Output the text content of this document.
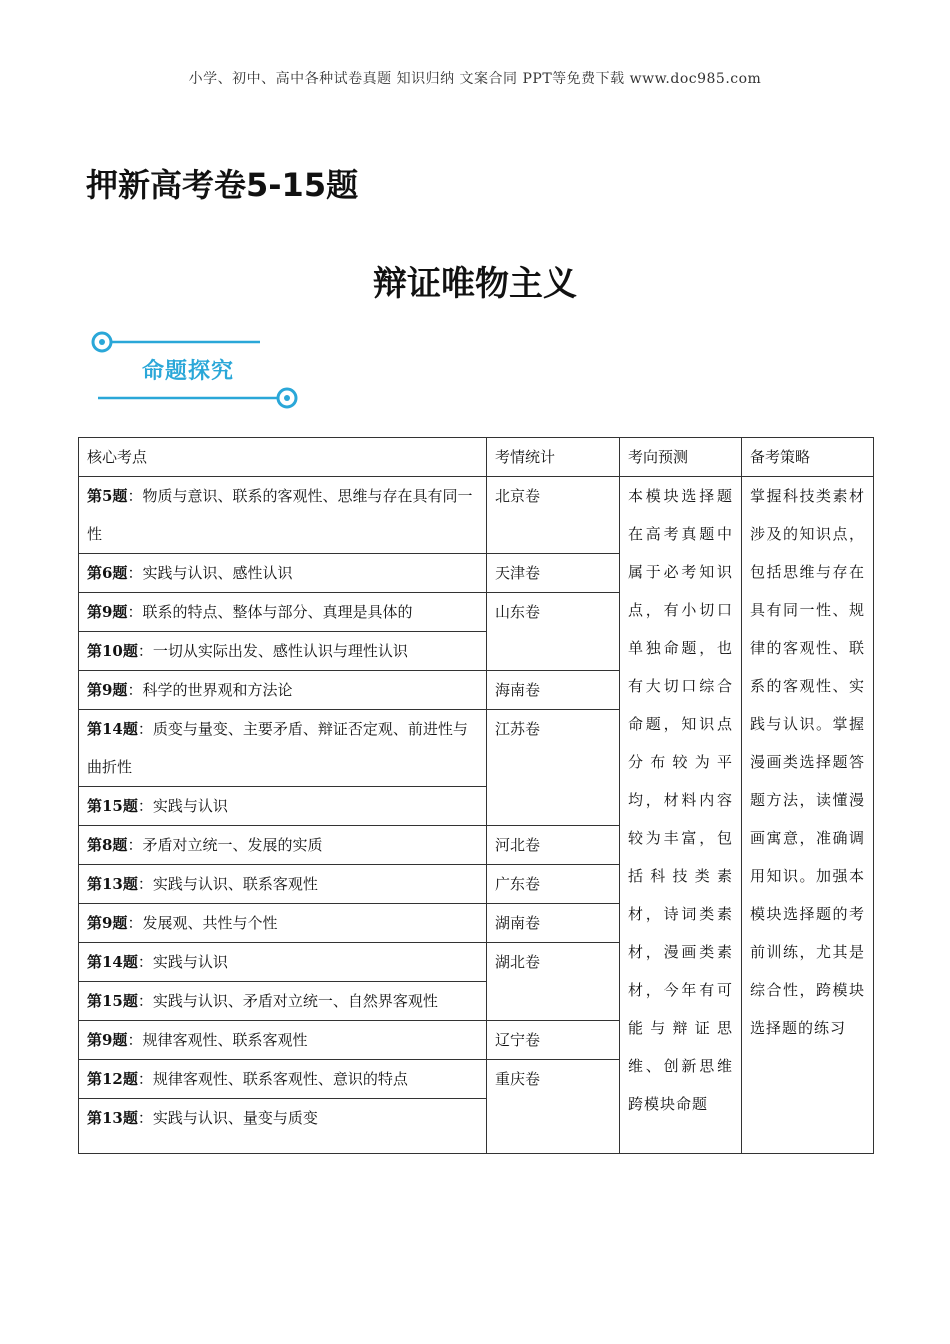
小学、初中、高中各种试卷真题 知识归纳 文案合同 PPT等免费下载 www.doc985.com
押新高考卷5-15题
辩证唯物主义
命题探究
核心考点	考情统计	考向预测	备考策略
第5题：物质与意识、联系的客观性、思维与存在具有同一性	北京卷	本模块选择题在高考真题中属于必考知识点，有小切口单独命题，也有大切口综合命题，知识点分布较为平均，材料内容较为丰富，包括科技类素材，诗词类素材，漫画类素材，今年有可能与辩证思维、创新思维跨模块命题	掌握科技类素材涉及的知识点，包括思维与存在具有同一性、规律的客观性、联系的客观性、实践与认识。掌握漫画类选择题答题方法，读懂漫画寓意，准确调用知识。加强本模块选择题的考前训练，尤其是综合性，跨模块选择题的练习
第6题：实践与认识、感性认识	天津卷		
第9题：联系的特点、整体与部分、真理是具体的	山东卷		
第10题：一切从实际出发、感性认识与理性认识			
第9题：科学的世界观和方法论	海南卷		
第14题：质变与量变、主要矛盾、辩证否定观、前进性与曲折性	江苏卷		
第15题：实践与认识			
第8题：矛盾对立统一、发展的实质	河北卷		
第13题：实践与认识、联系客观性	广东卷		
第9题：发展观、共性与个性	湖南卷		
第14题：实践与认识	湖北卷		
第15题：实践与认识、矛盾对立统一、自然界客观性			
第9题：规律客观性、联系客观性	辽宁卷		
第12题：规律客观性、联系客观性、意识的特点	重庆卷		
第13题：实践与认识、量变与质变			
